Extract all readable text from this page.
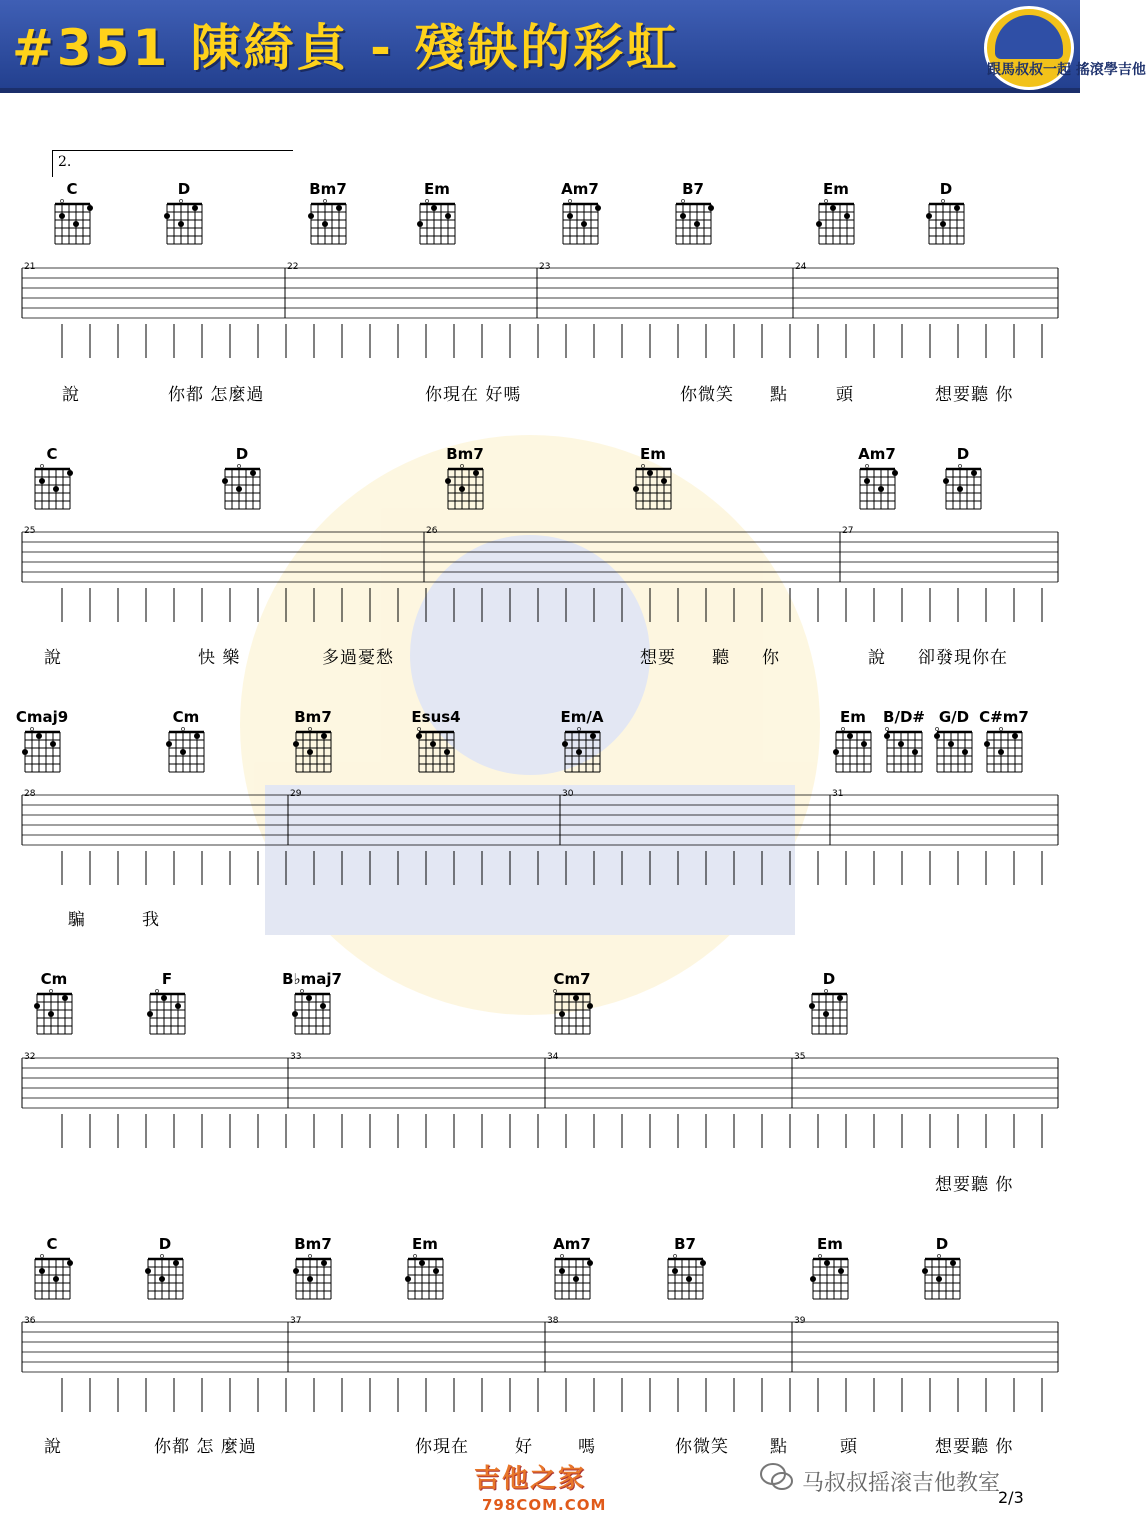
#351 陳綺貞 - 殘缺的彩虹	跟馬叔叔一起 搖滾學吉他
2.
21	22	23	24
C
o
D
o
Bm7
o
Em
o
Am7
o
B7
o
Em
o
D
o
說	你都 怎麼過	你現在 好嗎	你微笑 點	頭	想要聽 你
25	26	27
C
o
D
o
Bm7
o
Em
o
Am7
o
D
o
說	快 樂	多過憂愁	想要 聽 你	說 卻發現你在
28	29	30	31
Cmaj9
o
Cm
o
Bm7
o
Esus4
o
Em/A
o
Em
o
B/D#
o
G/D
o
C#m7
o
騙	我
32	33	34	35
Cm
o
F
o
B♭maj7
o
Cm7
o
D
o
想要聽 你
36	37	38	39
C
o
D
o
Bm7
o
Em
o
Am7
o
B7
o
Em
o
D
o
說	你都 怎 麼過	你現在	好	嗎	你微笑 點	頭	想要聽 你
吉他之家
798COM.COM
马叔叔摇滚吉他教室
2/3
